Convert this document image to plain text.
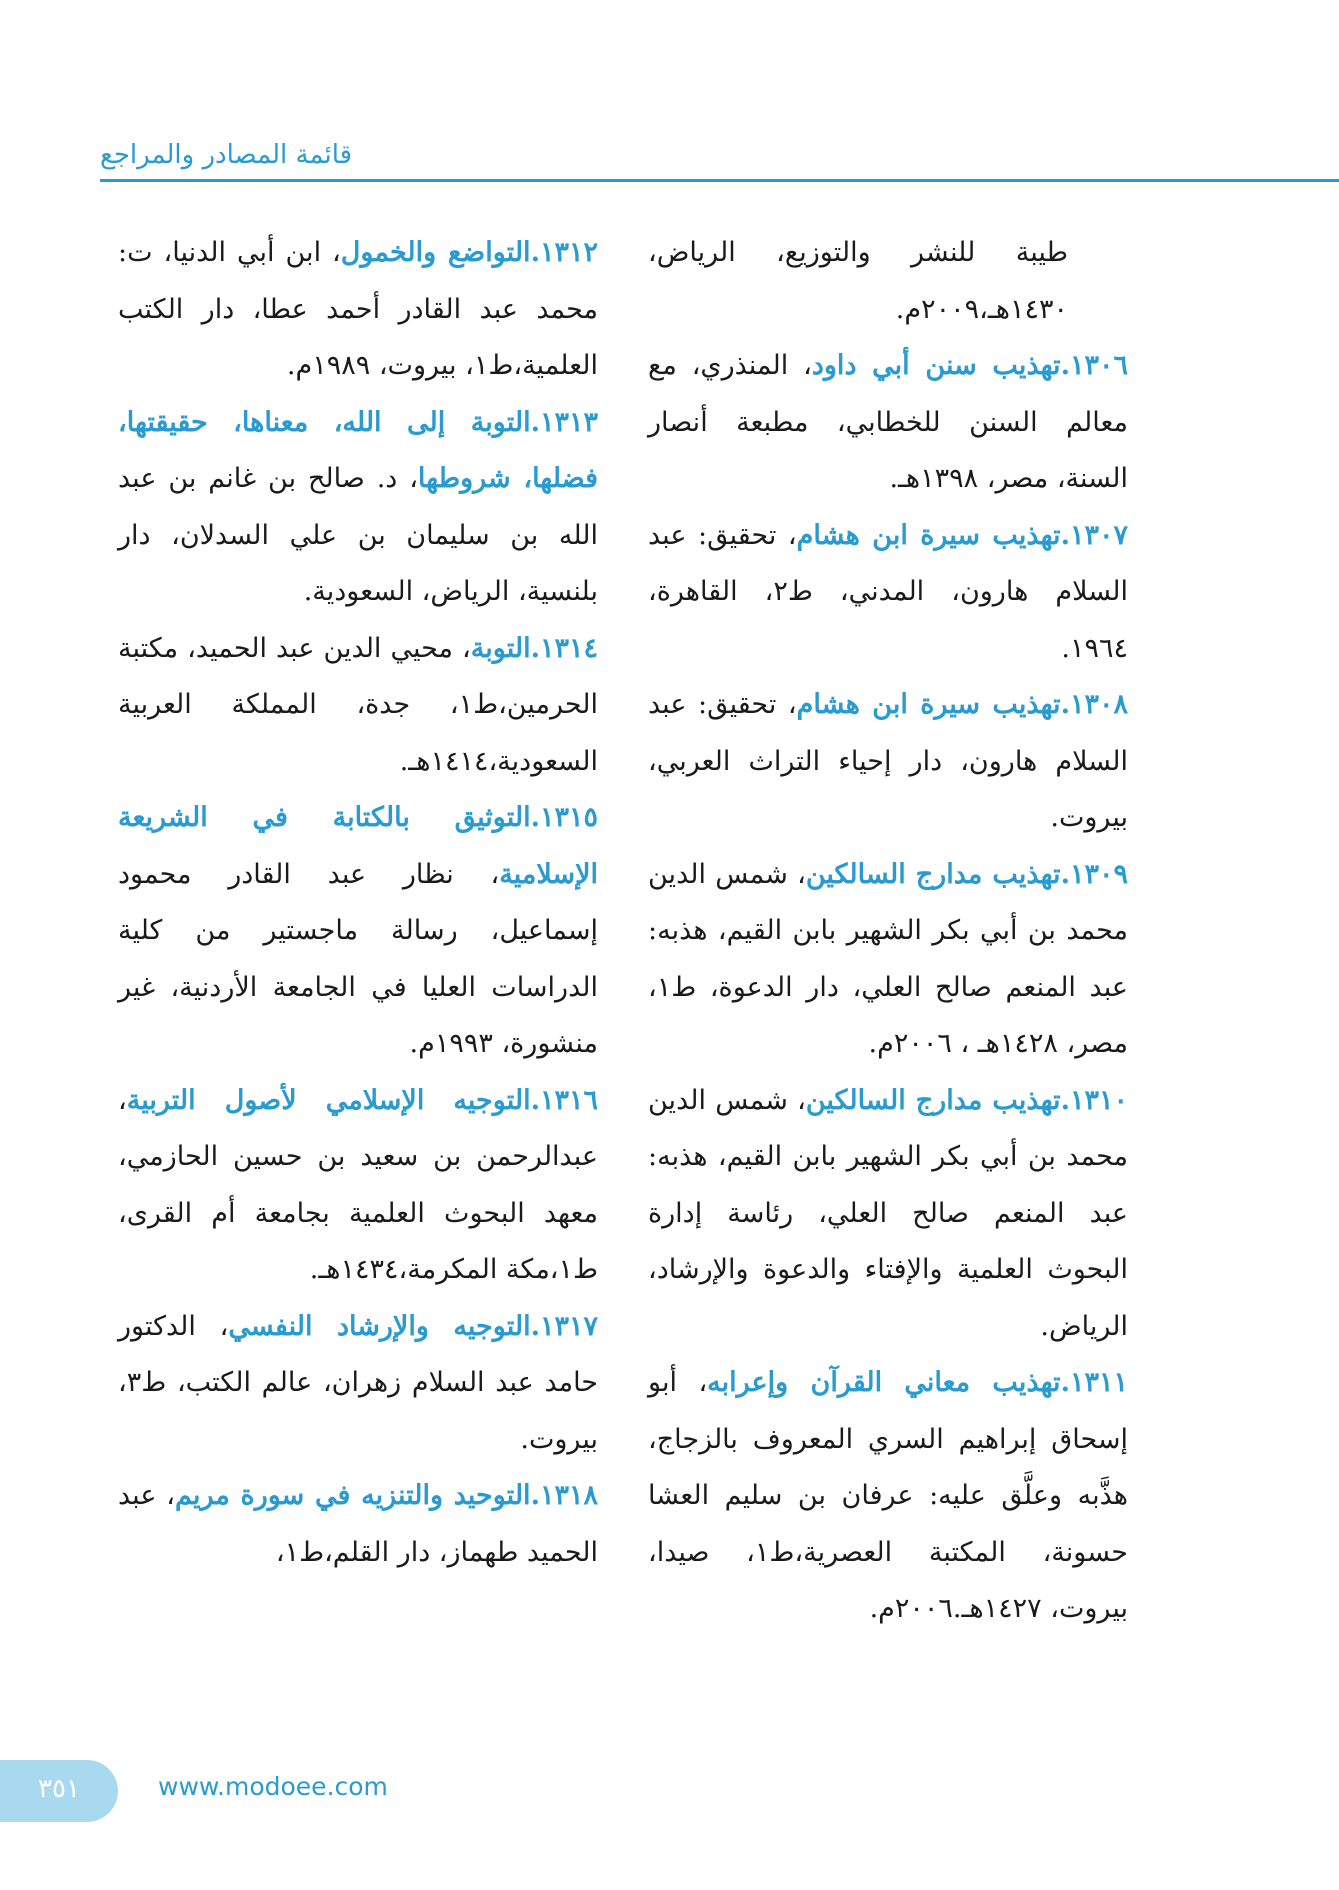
قائمة المصادر والمراجع

طيبة للنشر والتوزيع، الرياض، ١٤٣٠هـ،٢٠٠٩م.

١٣٠٦.تهذيب سنن أبي داود، المنذري، مع معالم السنن للخطابي، مطبعة أنصار السنة، مصر، ١٣٩٨هـ.

١٣٠٧.تهذيب سيرة ابن هشام، تحقيق: عبد السلام هارون، المدني، ط٢، القاهرة، ١٩٦٤.

١٣٠٨.تهذيب سيرة ابن هشام، تحقيق: عبد السلام هارون، دار إحياء التراث العربي، بيروت.

١٣٠٩.تهذيب مدارج السالكين، شمس الدين محمد بن أبي بكر الشهير بابن القيم، هذبه: عبد المنعم صالح العلي، دار الدعوة، ط١، مصر، ١٤٢٨هـ ، ٢٠٠٦م.

١٣١٠.تهذيب مدارج السالكين، شمس الدين محمد بن أبي بكر الشهير بابن القيم، هذبه: عبد المنعم صالح العلي، رئاسة إدارة البحوث العلمية والإفتاء والدعوة والإرشاد، الرياض.

١٣١١.تهذيب معاني القرآن وإعرابه، أبو إسحاق إبراهيم السري المعروف بالزجاج، هذَّبه وعلَّق عليه: عرفان بن سليم العشا حسونة، المكتبة العصرية،ط١، صيدا، بيروت، ١٤٢٧هـ.٢٠٠٦م.

١٣١٢.التواضع والخمول، ابن أبي الدنيا، ت: محمد عبد القادر أحمد عطا، دار الكتب العلمية،ط١، بيروت، ١٩٨٩م.

١٣١٣.التوبة إلى الله، معناها، حقيقتها، فضلها، شروطها، د. صالح بن غانم بن عبد الله بن سليمان بن علي السدلان، دار بلنسية، الرياض، السعودية.

١٣١٤.التوبة، محيي الدين عبد الحميد، مكتبة الحرمين،ط١، جدة، المملكة العربية السعودية،١٤١٤هـ.

١٣١٥.التوثيق بالكتابة في الشريعة الإسلامية، نظار عبد القادر محمود إسماعيل، رسالة ماجستير من كلية الدراسات العليا في الجامعة الأردنية، غير منشورة، ١٩٩٣م.

١٣١٦.التوجيه الإسلامي لأصول التربية، عبدالرحمن بن سعيد بن حسين الحازمي، معهد البحوث العلمية بجامعة أم القرى، ط١،مكة المكرمة،١٤٣٤هـ.

١٣١٧.التوجيه والإرشاد النفسي، الدكتور حامد عبد السلام زهران، عالم الكتب، ط٣، بيروت.

١٣١٨.التوحيد والتنزيه في سورة مريم، عبد الحميد طهماز، دار القلم،ط١،

٣٥١	www.modoee.com
